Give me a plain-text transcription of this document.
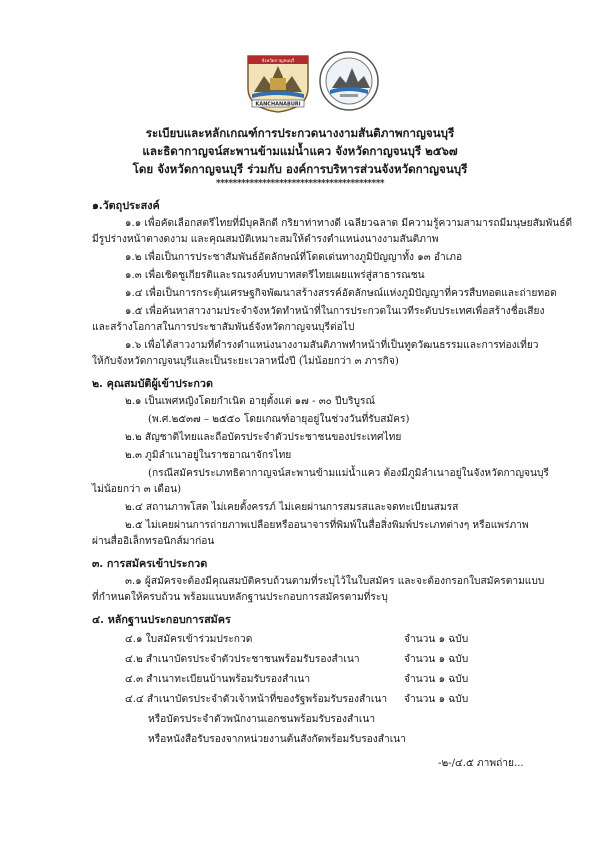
KANCHANABURI
จังหวัดกาญจนบุรี
ระเบียบและหลักเกณฑ์การประกวดนางงามสันติภาพกาญจนบุรี
และธิดากาญจน์สะพานข้ามแม่น้ำแคว จังหวัดกาญจนบุรี ๒๕๖๗
โดย จังหวัดกาญจนบุรี ร่วมกับ องค์การบริหารส่วนจังหวัดกาญจนบุรี
****************************************
๑.วัตถุประสงค์
๑.๑ เพื่อคัดเลือกสตรีไทยที่มีบุคลิกดี กริยาท่าทางดี เฉลียวฉลาด มีความรู้ความสามารถมีมนุษยสัมพันธ์ดี
มีรูปร่างหน้าตางดงาม และคุณสมบัติเหมาะสมให้ดำรงตำแหน่งนางงามสันติภาพ
๑.๒ เพื่อเป็นการประชาสัมพันธ์อัตลักษณ์ที่โดดเด่นทางภูมิปัญญาทั้ง ๑๓ อำเภอ
๑.๓ เพื่อเชิดชูเกียรติและรณรงค์บทบาทสตรีไทยเผยแพร่สู่สาธารณชน
๑.๔ เพื่อเป็นการกระตุ้นเศรษฐกิจพัฒนาสร้างสรรค์อัตลักษณ์แห่งภูมิปัญญาที่ควรสืบทอดและถ่ายทอด
๑.๕ เพื่อค้นหาสาวงามประจำจังหวัดทำหน้าที่ในการประกวดในเวทีระดับประเทศเพื่อสร้างชื่อเสียง
และสร้างโอกาสในการประชาสัมพันธ์จังหวัดกาญจนบุรีต่อไป
๑.๖ เพื่อได้สาวงามที่ดำรงตำแหน่งนางงามสันติภาพทำหน้าที่เป็นทูตวัฒนธรรมและการท่องเที่ยว
ให้กับจังหวัดกาญจนบุรีและเป็นระยะเวลาหนึ่งปี (ไม่น้อยกว่า ๓ ภารกิจ)
๒. คุณสมบัติผู้เข้าประกวด
๒.๑ เป็นเพศหญิงโดยกำเนิด อายุตั้งแต่ ๑๗ - ๓๐ ปีบริบูรณ์
(พ.ศ.๒๕๓๗ – ๒๕๕๐ โดยเกณฑ์อายุอยู่ในช่วงวันที่รับสมัคร)
๒.๒ สัญชาติไทยและถือบัตรประจำตัวประชาชนของประเทศไทย
๒.๓ ภูมิลำเนาอยู่ในราชอาณาจักรไทย
(กรณีสมัครประเภทธิดากาญจน์สะพานข้ามแม่น้ำแคว ต้องมีภูมิลำเนาอยู่ในจังหวัดกาญจนบุรี
ไม่น้อยกว่า ๓ เดือน)
๒.๔ สถานภาพโสด ไม่เคยตั้งครรภ์ ไม่เคยผ่านการสมรสและจดทะเบียนสมรส
๒.๕ ไม่เคยผ่านการถ่ายภาพเปลือยหรืออนาจารที่พิมพ์ในสื่อสิ่งพิมพ์ประเภทต่างๆ หรือแพร่ภาพ
ผ่านสื่ออิเล็กทรอนิกส์มาก่อน
๓. การสมัครเข้าประกวด
๓.๑ ผู้สมัครจะต้องมีคุณสมบัติครบถ้วนตามที่ระบุไว้ในใบสมัคร และจะต้องกรอกใบสมัครตามแบบ
ที่กำหนดให้ครบถ้วน พร้อมแนบหลักฐานประกอบการสมัครตามที่ระบุ
๔. หลักฐานประกอบการสมัคร
๔.๑ ใบสมัครเข้าร่วมประกวด	จำนวน ๑ ฉบับ
๔.๒ สำเนาบัตรประจำตัวประชาชนพร้อมรับรองสำเนา	จำนวน ๑ ฉบับ
๔.๓ สำเนาทะเบียนบ้านพร้อมรับรองสำเนา	จำนวน ๑ ฉบับ
๔.๔ สำเนาบัตรประจำตัวเจ้าหน้าที่ของรัฐพร้อมรับรองสำเนา จำนวน ๑ ฉบับ
หรือบัตรประจำตัวพนักงานเอกชนพร้อมรับรองสำเนา
หรือหนังสือรับรองจากหน่วยงานต้นสังกัดพร้อมรับรองสำเนา
-๒-/๔.๕ ภาพถ่าย...
